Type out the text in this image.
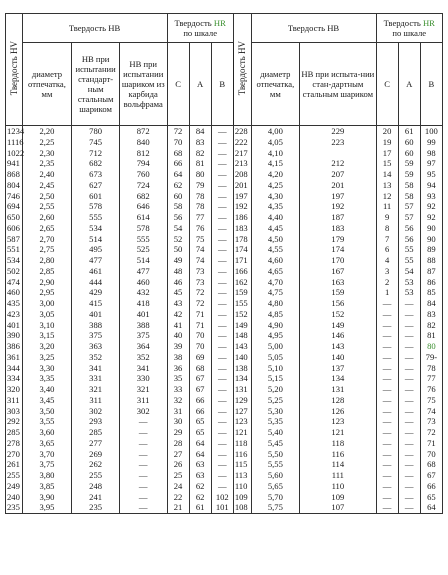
Твердость HV	Твердость HB			Твердость HR
по шкале			Твердость HV	Твердость HB		Твердость HR
по шкале		
	диаметр отпечатка, мм	HB при испытании стандарт-ным стальным шариком	HB при испытании шариком из карбида вольфрама	C	A	B		диаметр отпечатка, мм	HB при испыта-нии стан-дартным стальным шариком	C	A	B
1234	2,20	780	872	72	84	—	228	4,00	229	20	61	100
1116	2,25	745	840	70	83	—	222	4,05	223	19	60	99
1022	2,30	712	812	68	82	—	217	4,10		17	60	98
941	2,35	682	794	66	81	—	213	4,15	212	15	59	97
868	2,40	673	760	64	80	—	208	4,20	207	14	59	95
804	2,45	627	724	62	79	—	201	4,25	201	13	58	94
746	2,50	601	682	60	78	—	197	4,30	197	12	58	93
694	2,55	578	646	58	78	—	192	4,35	192	11	57	92
650	2,60	555	614	56	77	—	186	4,40	187	9	57	92
606	2,65	534	578	54	76	—	183	4,45	183	8	56	90
587	2,70	514	555	52	75	—	178	4,50	179	7	56	90
551	2,75	495	525	50	74	—	174	4,55	174	6	55	89
534	2,80	477	514	49	74	—	171	4,60	170	4	55	88
502	2,85	461	477	48	73	—	166	4,65	167	3	54	87
474	2,90	444	460	46	73	—	162	4,70	163	2	53	86
460	2,95	429	432	45	72	—	159	4,75	159	1	53	85
435	3,00	415	418	43	72	—	155	4,80	156	—	—	84
423	3,05	401	401	42	71	—	152	4,85	152	—	—	83
401	3,10	388	388	41	71	—	149	4,90	149	—	—	82
390	3,15	375	375	40	70	—	148	4,95	146	—	—	81
386	3,20	363	364	39	70	—	143	5,00	143	—	—	80
361	3,25	352	352	38	69	—	140	5,05	140	—	—	79-
344	3,30	341	341	36	68	—	138	5,10	137	—	—	78
334	3,35	331	330	35	67	—	134	5,15	134	—	—	77
320	3,40	321	321	33	67	—	131	5,20	131	—	—	76
311	3,45	311	311	32	66	—	129	5,25	128	—	—	75
303	3,50	302	302	31	66	—	127	5,30	126	—	—	74
292	3,55	293	—	30	65	—	123	5,35	123	—	—	73
285	3,60	285	—	29	65	—	121	5,40	121	—	—	72
278	3,65	277	—	28	64	—	118	5,45	118	—	—	71
270	3,70	269	—	27	64	—	116	5,50	116	—	—	70
261	3,75	262	—	26	63	—	115	5,55	114	—	—	68
255	3,80	255	—	25	63	—	113	5,60	111	—	—	67
249	3,85	248	—	24	62	—	110	5,65	110	—	—	66
240	3,90	241	—	22	62	102	109	5,70	109	—	—	65
235	3,95	235	—	21	61	101	108	5,75	107	—	—	64
